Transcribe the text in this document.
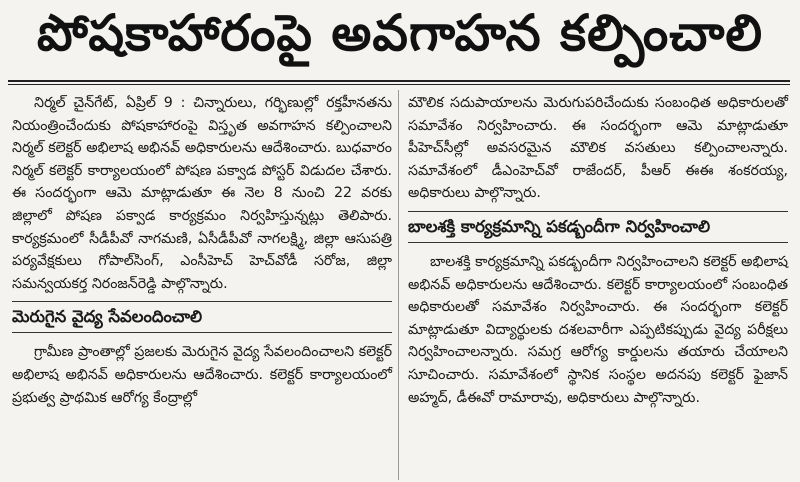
పోషకాహారంపై అవగాహన కల్పించాలి

నిర్మల్ చైన్‌గేట్, ఏప్రిల్ 9 : చిన్నారులు, గర్భిణుల్లో రక్తహీనతను నియంత్రించేందుకు పోషకాహారంపై విస్తృత అవగాహన కల్పించాలని నిర్మల్ కలెక్టర్ అభిలాష అభినవ్ అధికారులను ఆదేశించారు. బుధవారం నిర్మల్ కలెక్టర్ కార్యాలయంలో పోషణ పక్వాడ పోస్టర్ విడుదల చేశారు. ఈ సందర్భంగా ఆమె మాట్లాడుతూ ఈ నెల 8 నుంచి 22 వరకు జిల్లాలో పోషణ పక్వాడ కార్యక్రమం నిర్వహిస్తున్నట్లు తెలిపారు. కార్యక్రమంలో సీడీపీవో నాగమణి, ఏసీడీపీవో నాగలక్ష్మి, జిల్లా ఆసుపత్రి పర్యవేక్షకులు గోపాల్‌సింగ్, ఎంసీహెచ్ హెచ్‌వోడీ సరోజ, జిల్లా సమన్వయకర్త నిరంజన్‌రెడ్డి పాల్గొన్నారు.

మెరుగైన వైద్య సేవలందించాలి

గ్రామీణ ప్రాంతాల్లో ప్రజలకు మెరుగైన వైద్య సేవలందించాలని కలెక్టర్ అభిలాష అభినవ్ అధికారులను ఆదేశించారు. కలెక్టర్ కార్యాలయంలో ప్రభుత్వ ప్రాథమిక ఆరోగ్య కేంద్రాల్లో

మౌలిక సదుపాయాలను మెరుగుపరిచేందుకు సంబంధిత అధికారులతో సమావేశం నిర్వహించారు. ఈ సందర్భంగా ఆమె మాట్లాడుతూ పీహెచ్‌సీల్లో అవసరమైన మౌలిక వసతులు కల్పించాలన్నారు. సమావేశంలో డీఎంహెచ్‌వో రాజేందర్, పీఆర్ ఈఈ శంకరయ్య, అధికారులు పాల్గొన్నారు.

బాలశక్తి కార్యక్రమాన్ని పకడ్బందీగా నిర్వహించాలి

బాలశక్తి కార్యక్రమాన్ని పకడ్బందీగా నిర్వహించాలని కలెక్టర్ అభిలాష అభినవ్ అధికారులను ఆదేశించారు. కలెక్టర్ కార్యాలయంలో సంబంధిత అధికారులతో సమావేశం నిర్వహించారు. ఈ సందర్భంగా కలెక్టర్ మాట్లాడుతూ విద్యార్థులకు దశలవారీగా ఎప్పటికప్పుడు వైద్య పరీక్షలు నిర్వహించాలన్నారు. సమగ్ర ఆరోగ్య కార్డులను తయారు చేయాలని సూచించారు. సమావేశంలో స్థానిక సంస్థల అదనపు కలెక్టర్ ఫైజాన్ అహ్మద్, డీఈవో రామారావు, అధికారులు పాల్గొన్నారు.
